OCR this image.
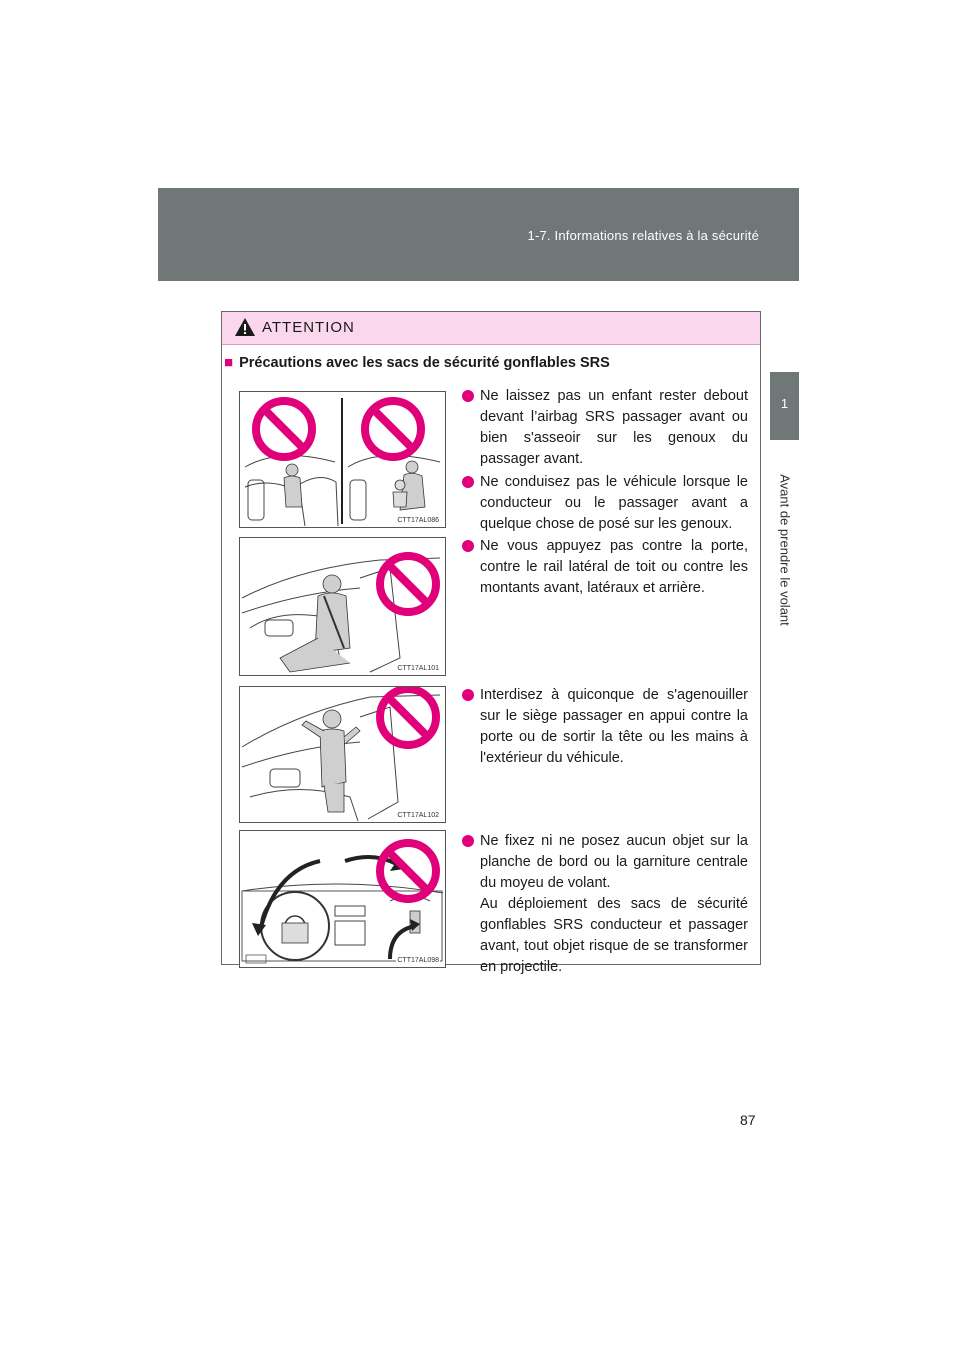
1-7. Informations relatives à la sécurité
1
Avant de prendre le volant
ATTENTION
■ Précautions avec les sacs de sécurité gonflables SRS
CTT17AL086
CTT17AL101
CTT17AL102
CTT17AL098
Ne laissez pas un enfant rester debout devant l’airbag SRS passager avant ou bien s'asseoir sur les genoux du passager avant.
Ne conduisez pas le véhicule lorsque le conducteur ou le passager avant a quelque chose de posé sur les genoux.
Ne vous appuyez pas contre la porte, contre le rail latéral de toit ou contre les montants avant, latéraux et arrière.
Interdisez à quiconque de s'agenouiller sur le siège passager en appui contre la porte ou de sortir la tête ou les mains à l'extérieur du véhicule.
Ne fixez ni ne posez aucun objet sur la planche de bord ou la garniture centrale du moyeu de volant.
Au déploiement des sacs de sécurité gonflables SRS conducteur et passager avant, tout objet risque de se transformer en projectile.
87
